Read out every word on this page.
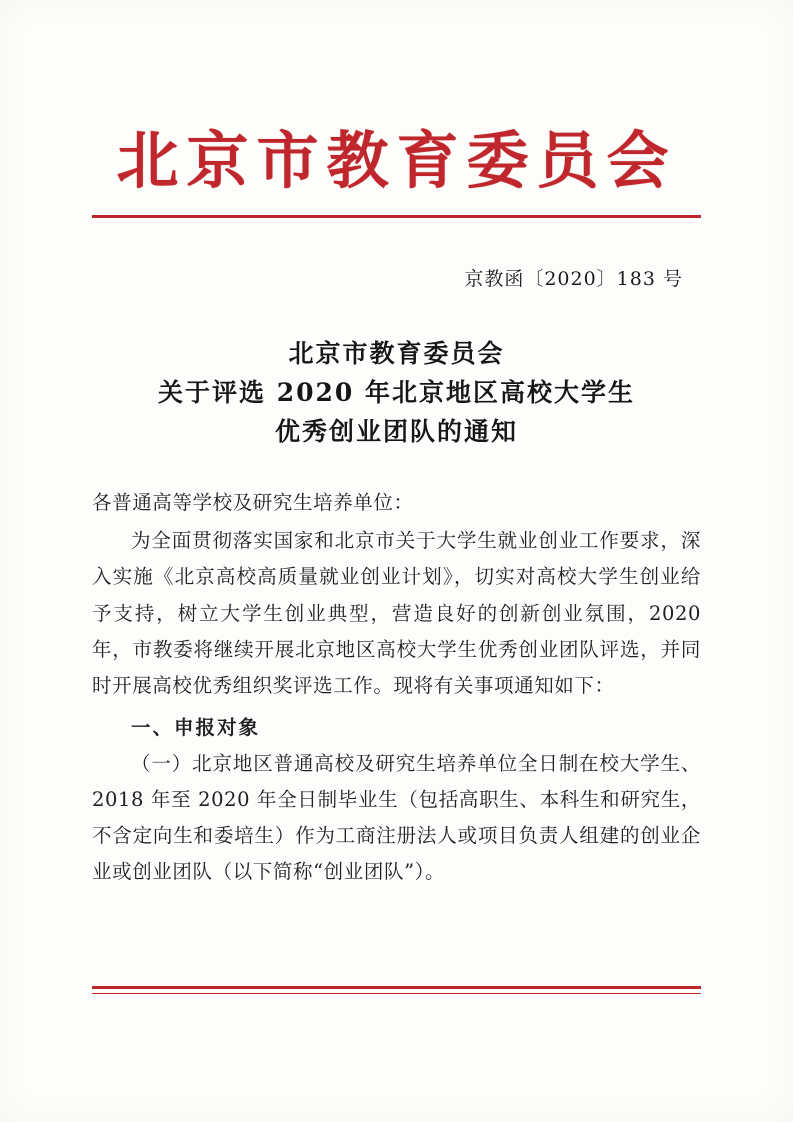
北京市教育委员会
京教函〔2020〕183 号
北京市教育委员会
关于评选 2020 年北京地区高校大学生
优秀创业团队的通知
各普通高等学校及研究生培养单位：

为全面贯彻落实国家和北京市关于大学生就业创业工作要求，深入实施《北京高校高质量就业创业计划》，切实对高校大学生创业给予支持，树立大学生创业典型，营造良好的创新创业氛围，2020 年，市教委将继续开展北京地区高校大学生优秀创业团队评选，并同时开展高校优秀组织奖评选工作。现将有关事项通知如下：

一、申报对象

（一）北京地区普通高校及研究生培养单位全日制在校大学生、2018 年至 2020 年全日制毕业生（包括高职生、本科生和研究生，不含定向生和委培生）作为工商注册法人或项目负责人组建的创业企业或创业团队（以下简称“创业团队”）。
